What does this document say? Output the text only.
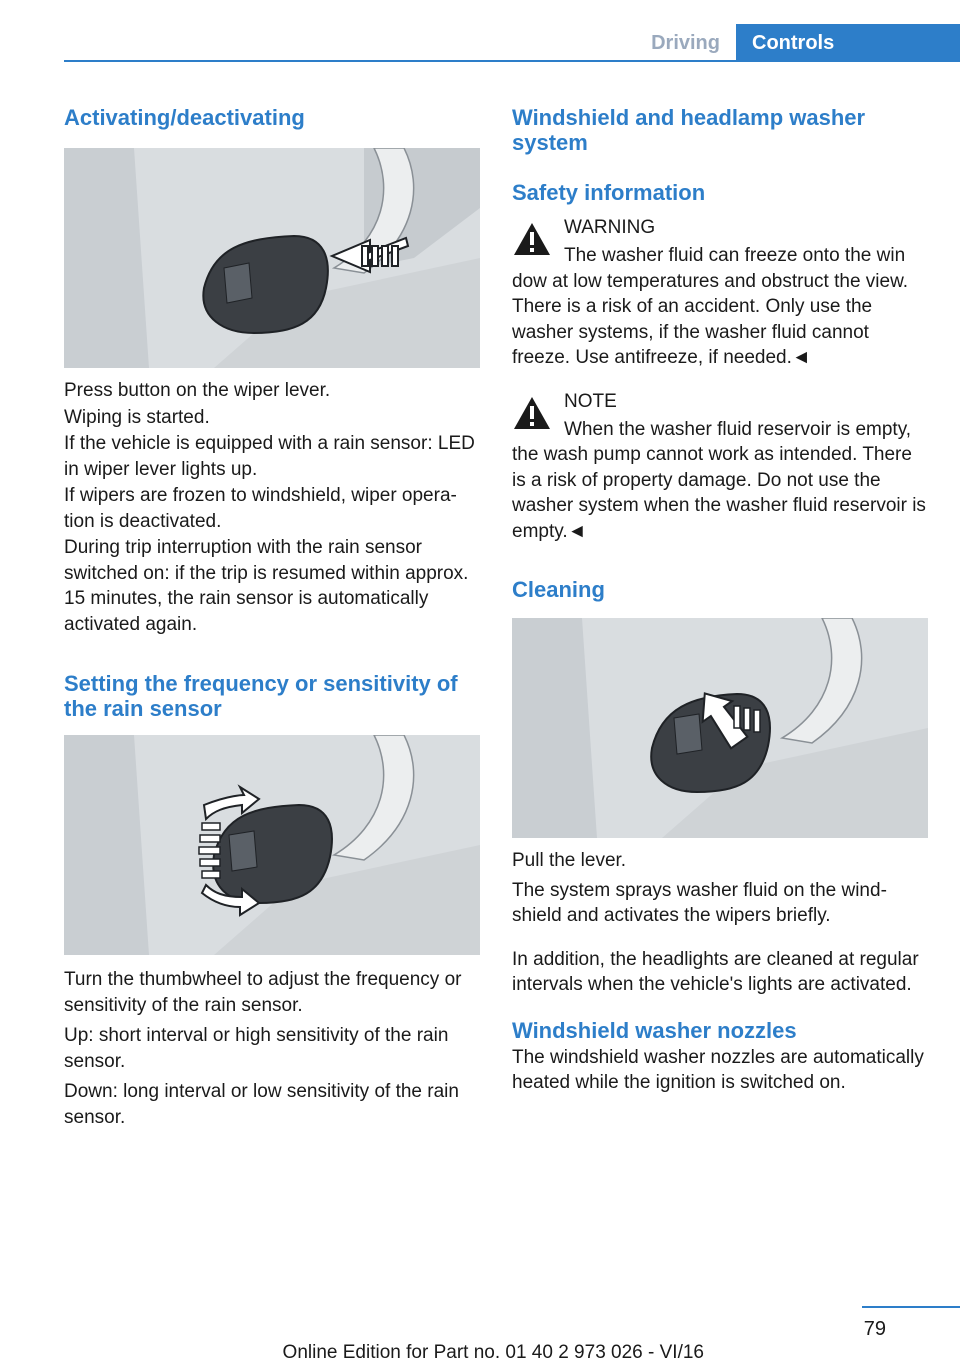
Driving	Controls
Activating/deactivating

Press button on the wiper lever.

Wiping is started.

If the vehicle is equipped with a rain sensor: LED in wiper lever lights up.

If wipers are frozen to windshield, wiper operation is deactivated.

During trip interruption with the rain sensor switched on: if the trip is resumed within approx. 15 minutes, the rain sensor is automatically activated again.

Setting the frequency or sensitivity of the rain sensor

Turn the thumbwheel to adjust the frequency or sensitivity of the rain sensor.

Up: short interval or high sensitivity of the rain sensor.

Down: long interval or low sensitivity of the rain sensor.

Windshield and headlamp washer system
Safety information
WARNING

The washer fluid can freeze onto the win

dow at low temperatures and obstruct the view. There is a risk of an accident. Only use the washer systems, if the washer fluid cannot freeze. Use antifreeze, if needed.◄

NOTE

When the washer fluid reservoir is empty,

the wash pump cannot work as intended. There is a risk of property damage. Do not use the washer system when the washer fluid reservoir is empty.◄

Cleaning

Pull the lever.

The system sprays washer fluid on the windshield and activates the wipers briefly.

In addition, the headlights are cleaned at regular intervals when the vehicle's lights are activated.

Windshield washer nozzles

The windshield washer nozzles are automatically heated while the ignition is switched on.

79
Online Edition for Part no. 01 40 2 973 026 - VI/16
